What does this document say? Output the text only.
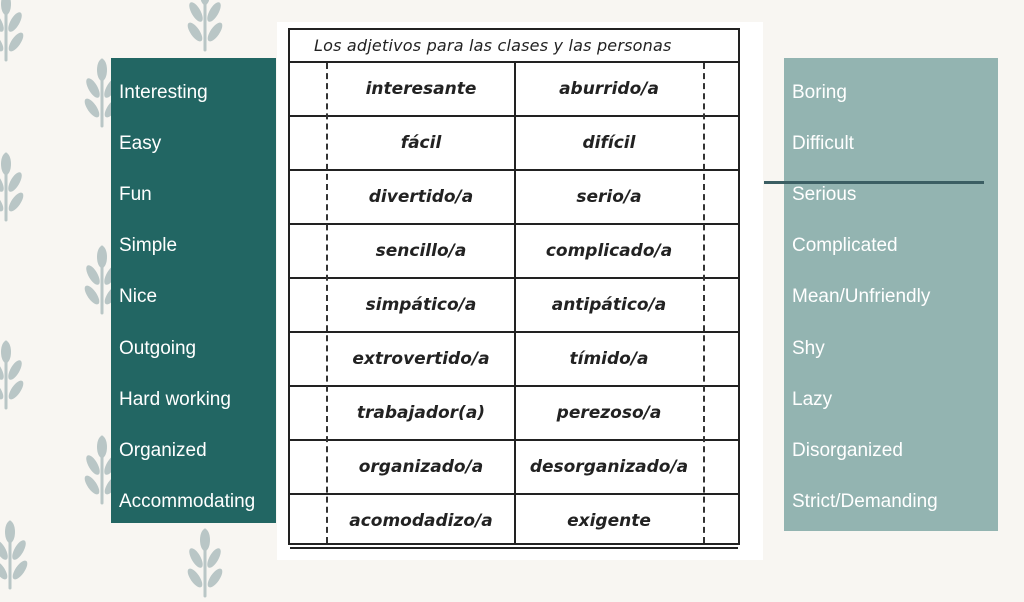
Interesting
Easy
Fun
Simple
Nice
Outgoing
Hard working
Organized
Accommodating
Boring
Difficult
Serious
Complicated
Mean/Unfriendly
Shy
Lazy
Disorganized
Strict/Demanding
Los adjetivos para las clases y las personas
interesante	aburrido/a
fácil	difícil
divertido/a	serio/a
sencillo/a	complicado/a
simpático/a	antipático/a
extrovertido/a	tímido/a
trabajador(a)	perezoso/a
organizado/a	desorganizado/a
acomodadizo/a	exigente
